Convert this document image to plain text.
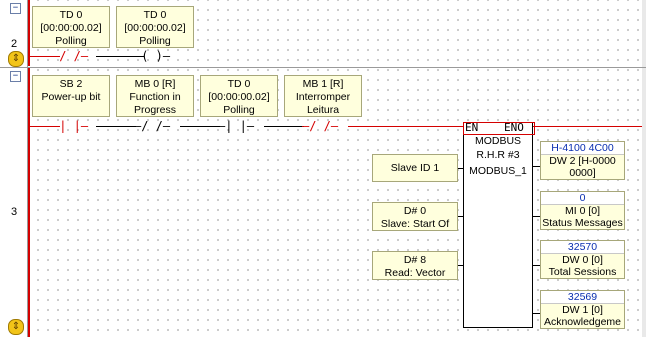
−
2
⇕
TD 0
[00:00:00.02]
Polling
TD 0
[00:00:00.02]
Polling
—/ /—	—( )—
−
3
⇕
SB 2
Power-up bit
MB 0 [R]
Function in
Progress
TD 0
[00:00:00.02]
Polling
MB 1 [R]
Interromper
Leitura
—| |—	—/ /—	—| |—	—/ /—	EN ENO
MODBUS
R.H.R #3
MODBUS_1
Slave ID 1
D# 0
Slave: Start Of
D# 8
Read: Vector
H-4100 4C00
DW 2 [H-0000
0000]
0
MI 0 [0]
Status Messages
32570
DW 0 [0]
Total Sessions
32569
DW 1 [0]
Acknowledgeme
